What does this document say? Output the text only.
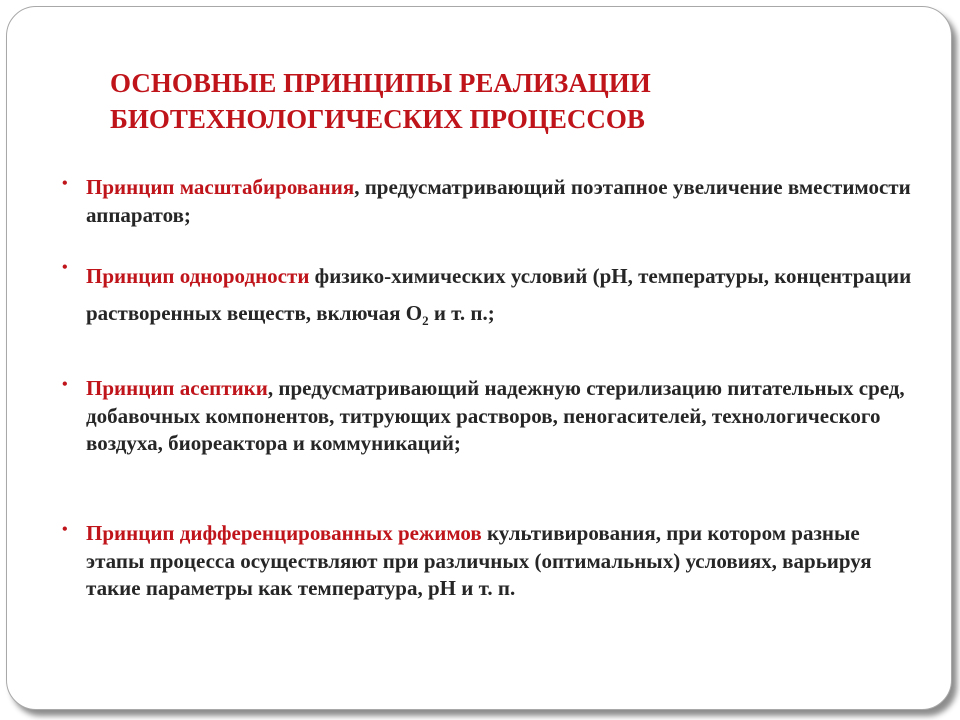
ОСНОВНЫЕ ПРИНЦИПЫ РЕАЛИЗАЦИИ
БИОТЕХНОЛОГИЧЕСКИХ ПРОЦЕССОВ
• Принцип масштабирования, предусматривающий поэтапное увеличение вместимости аппаратов;
• Принцип однородности физико-химических условий (рН, температуры, концентрации растворенных веществ, включая $О_2$ и т. п.;
• Принцип асептики, предусматривающий надежную стерилизацию питательных сред, добавочных компонентов, титрующих растворов, пеногасителей, технологического воздуха, биореактора и коммуникаций;
• Принцип дифференцированных режимов культивирования, при котором разные этапы процесса осуществляют при различных (оптимальных) условиях, варьируя такие параметры как температура, рН и т. п.
